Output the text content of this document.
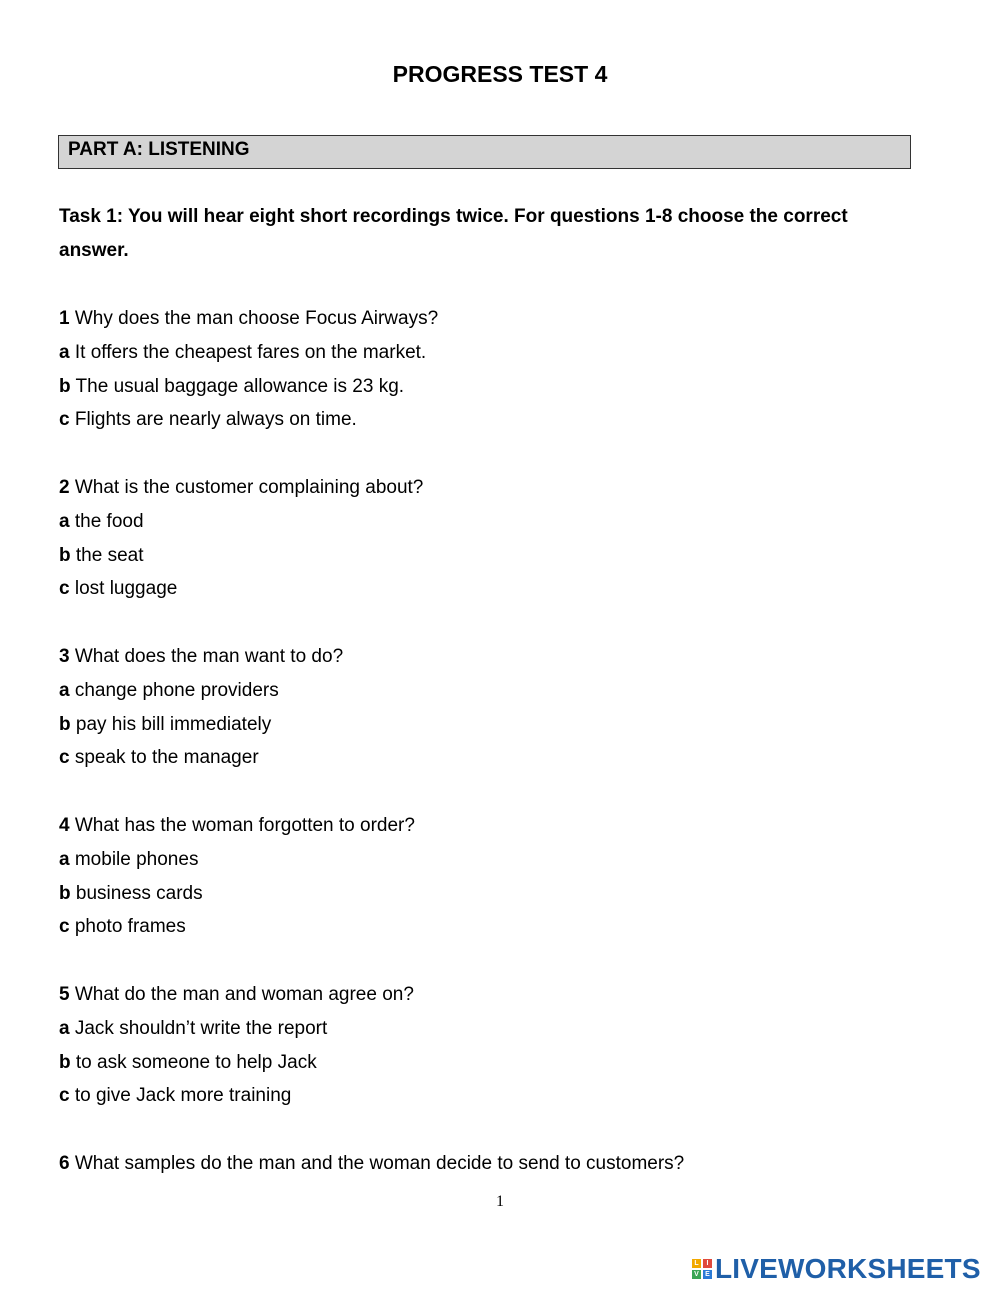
PROGRESS TEST 4
PART A: LISTENING
Task 1: You will hear eight short recordings twice. For questions 1-8 choose the correct answer.
1 Why does the man choose Focus Airways?
a It offers the cheapest fares on the market.
b The usual baggage allowance is 23 kg.
c Flights are nearly always on time.
2 What is the customer complaining about?
a the food
b the seat
c lost luggage
3 What does the man want to do?
a change phone providers
b pay his bill immediately
c speak to the manager
4 What has the woman forgotten to order?
a mobile phones
b business cards
c photo frames
5 What do the man and woman agree on?
a Jack shouldn’t write the report
b to ask someone to help Jack
c to give Jack more training
6 What samples do the man and the woman decide to send to customers?
1
L	I
V E LIVEWORKSHEETS
